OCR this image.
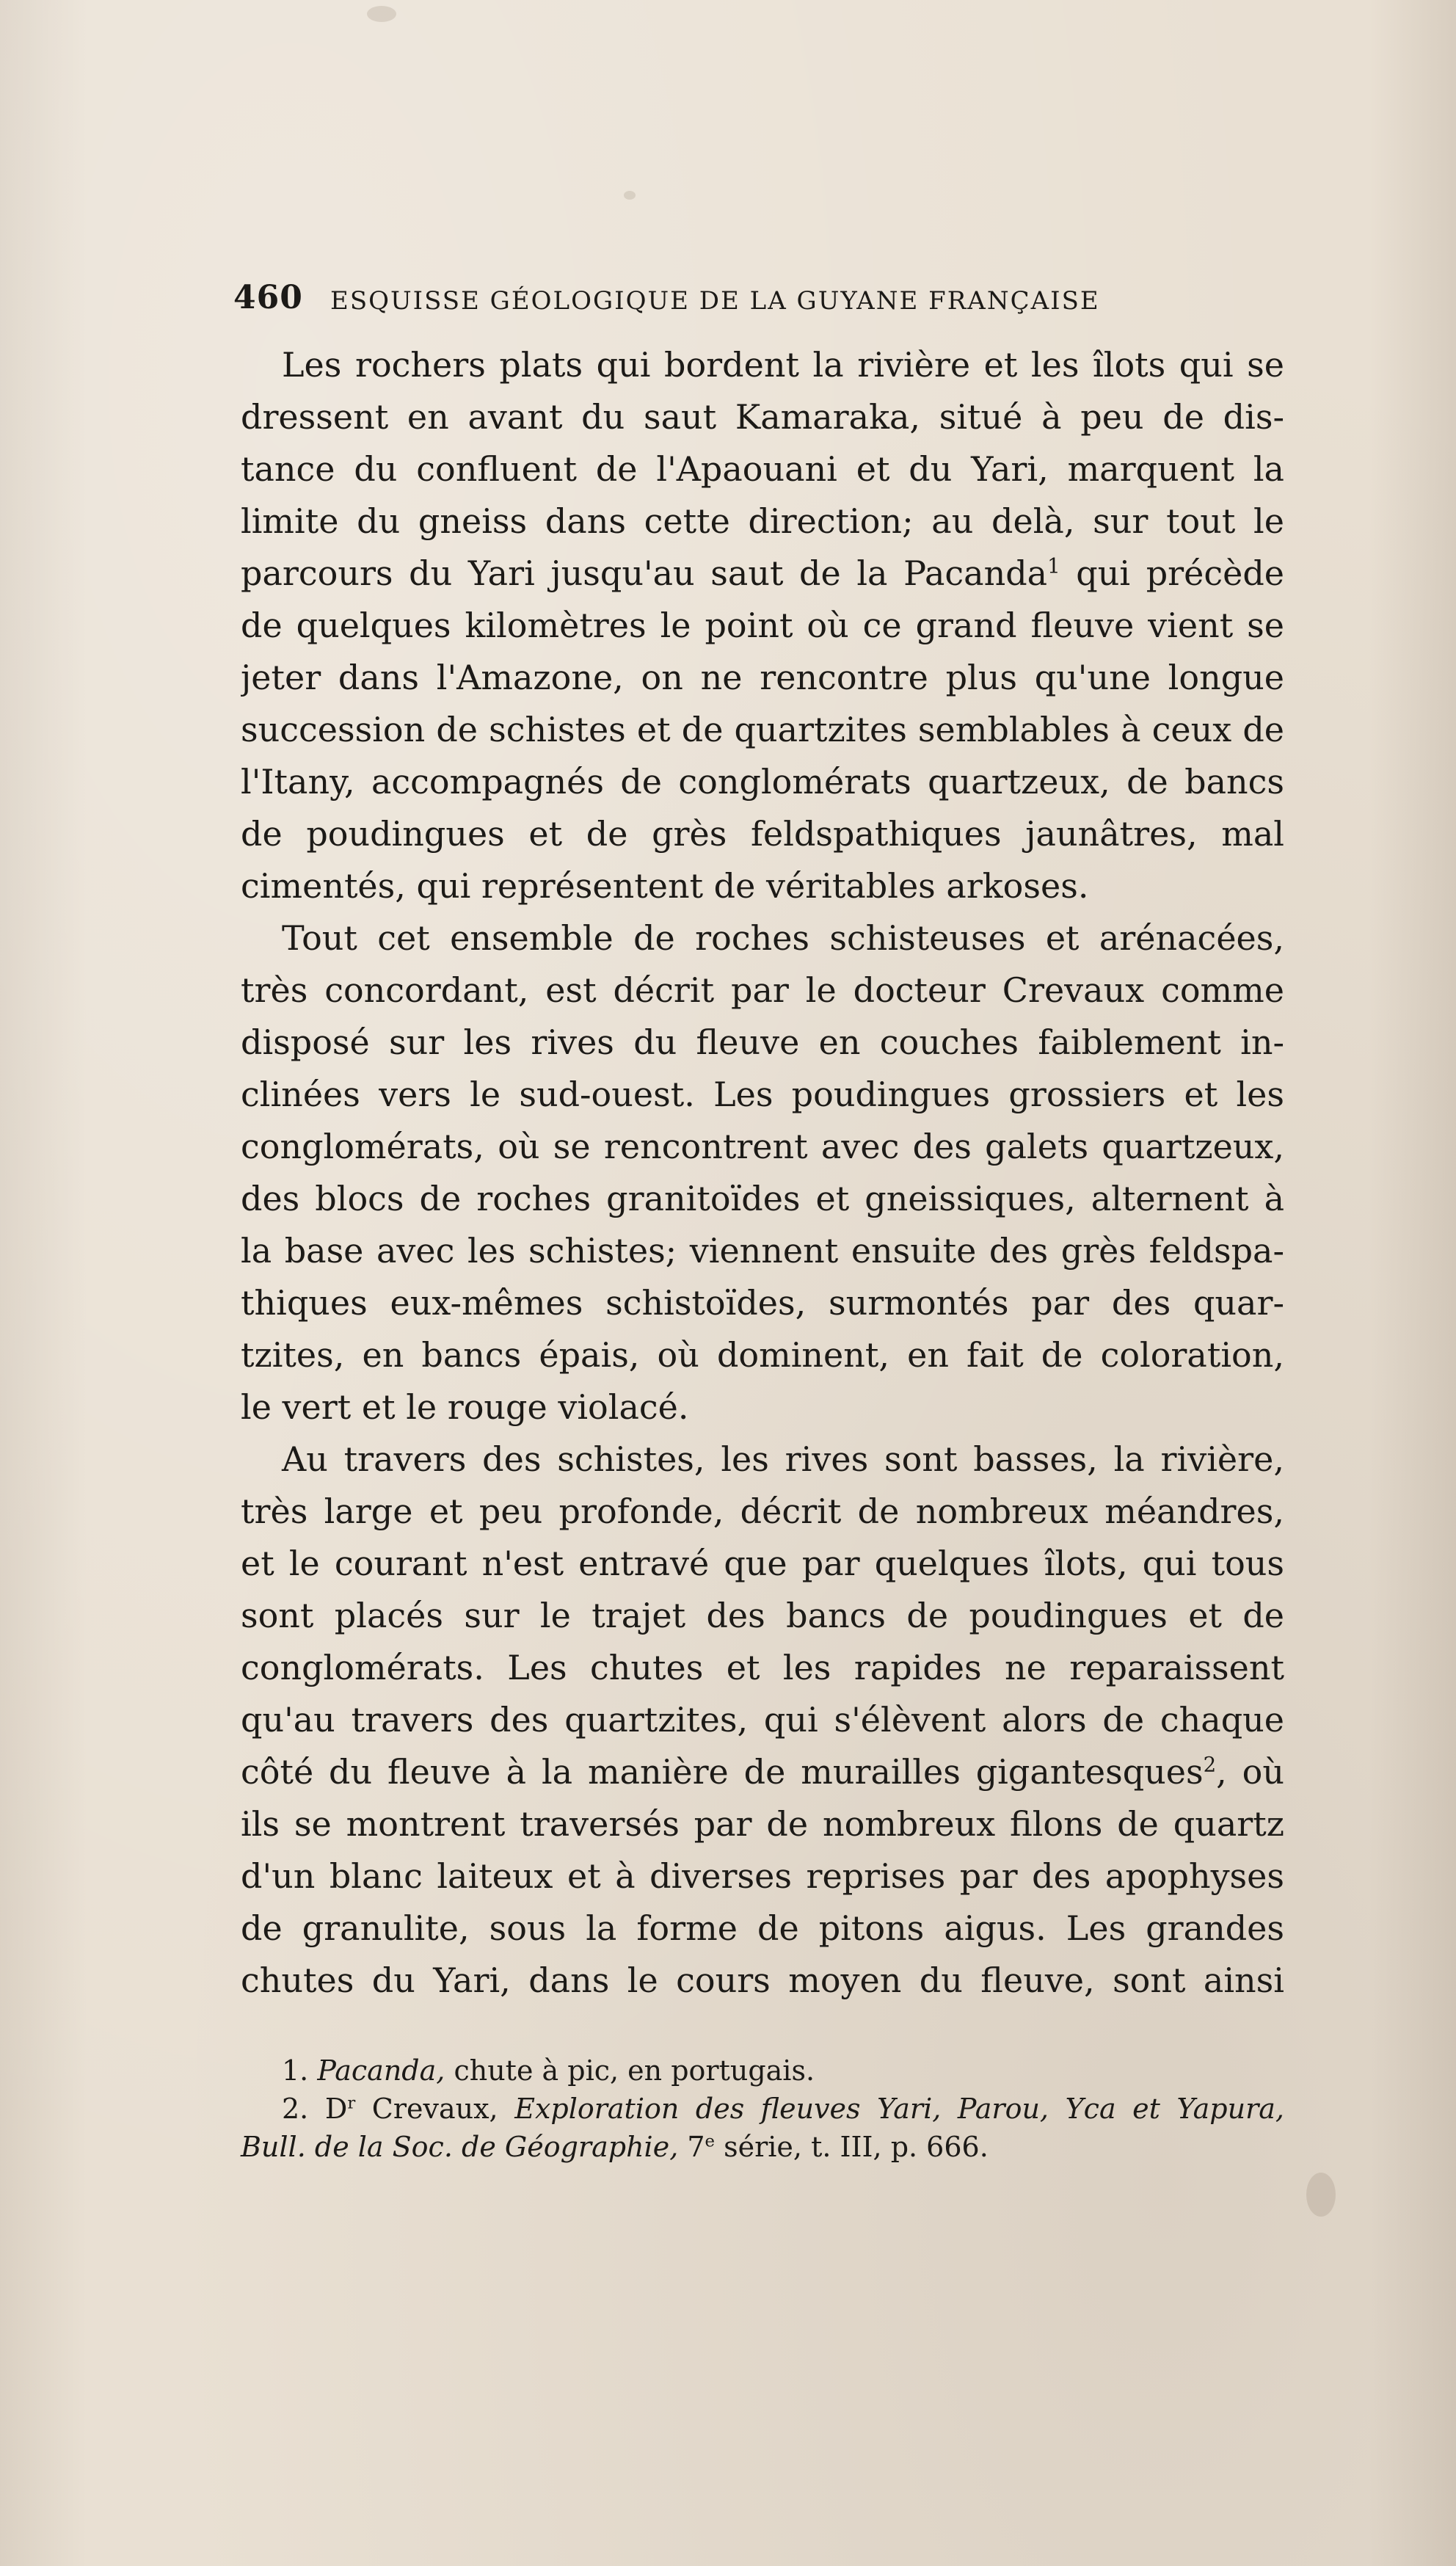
460 ESQUISSE GÉOLOGIQUE DE LA GUYANE FRANÇAISE
Les rochers plats qui bordent la rivière et les îlots qui se
dressent en avant du saut Kamaraka, situé à peu de dis-
tance du confluent de l'Apaouani et du Yari, marquent la
limite du gneiss dans cette direction; au delà, sur tout le
parcours du Yari jusqu'au saut de la Pacanda$^1$ qui précède
de quelques kilomètres le point où ce grand fleuve vient se
jeter dans l'Amazone, on ne rencontre plus qu'une longue
succession de schistes et de quartzites semblables à ceux de
l'Itany, accompagnés de conglomérats quartzeux, de bancs
de poudingues et de grès feldspathiques jaunâtres, mal
cimentés, qui représentent de véritables arkoses.
Tout cet ensemble de roches schisteuses et arénacées,
très concordant, est décrit par le docteur Crevaux comme
disposé sur les rives du fleuve en couches faiblement in-
clinées vers le sud-ouest. Les poudingues grossiers et les
conglomérats, où se rencontrent avec des galets quartzeux,
des blocs de roches granitoïdes et gneissiques, alternent à
la base avec les schistes; viennent ensuite des grès feldspa-
thiques eux-mêmes schistoïdes, surmontés par des quar-
tzites, en bancs épais, où dominent, en fait de coloration,
le vert et le rouge violacé.
Au travers des schistes, les rives sont basses, la rivière,
très large et peu profonde, décrit de nombreux méandres,
et le courant n'est entravé que par quelques îlots, qui tous
sont placés sur le trajet des bancs de poudingues et de
conglomérats. Les chutes et les rapides ne reparaissent
qu'au travers des quartzites, qui s'élèvent alors de chaque
côté du fleuve à la manière de murailles gigantesques$^2$, où
ils se montrent traversés par de nombreux filons de quartz
d'un blanc laiteux et à diverses reprises par des apophyses
de granulite, sous la forme de pitons aigus. Les grandes
chutes du Yari, dans le cours moyen du fleuve, sont ainsi
1. Pacanda, chute à pic, en portugais.
2. $D^r$ Crevaux, Exploration des fleuves Yari, Parou, Yca et Yapura,
Bull. de la Soc. de Géographie, 7e série, t. III, p. 666.
